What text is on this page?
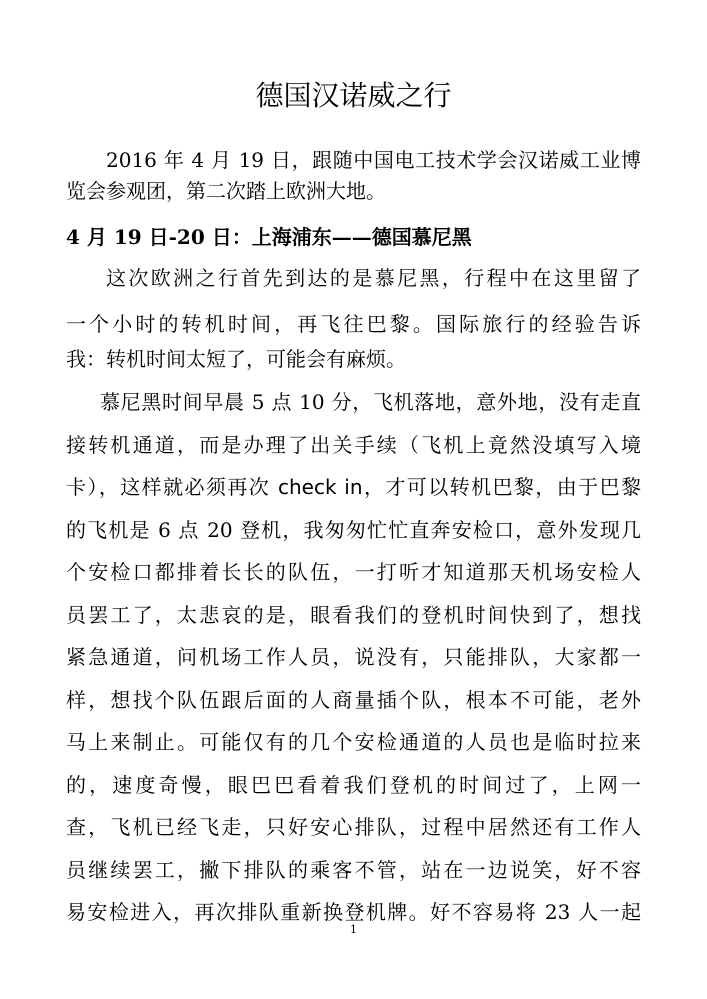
德国汉诺威之行
2016 年 4 月 19 日，跟随中国电工技术学会汉诺威工业博
览会参观团，第二次踏上欧洲大地。
4 月 19 日-20 日：上海浦东——德国慕尼黑
这次欧洲之行首先到达的是慕尼黑，行程中在这里留了
一个小时的转机时间，再飞往巴黎。国际旅行的经验告诉
我：转机时间太短了，可能会有麻烦。
慕尼黑时间早晨 5 点 10 分，飞机落地，意外地，没有走直
接转机通道，而是办理了出关手续（飞机上竟然没填写入境
卡），这样就必须再次 check in，才可以转机巴黎，由于巴黎
的飞机是 6 点 20 登机，我匆匆忙忙直奔安检口，意外发现几
个安检口都排着长长的队伍，一打听才知道那天机场安检人
员罢工了，太悲哀的是，眼看我们的登机时间快到了，想找
紧急通道，问机场工作人员，说没有，只能排队，大家都一
样，想找个队伍跟后面的人商量插个队，根本不可能，老外
马上来制止。可能仅有的几个安检通道的人员也是临时拉来
的，速度奇慢，眼巴巴看着我们登机的时间过了，上网一
查，飞机已经飞走，只好安心排队，过程中居然还有工作人
员继续罢工，撇下排队的乘客不管，站在一边说笑，好不容
易安检进入，再次排队重新换登机牌。好不容易将 23 人一起
1
